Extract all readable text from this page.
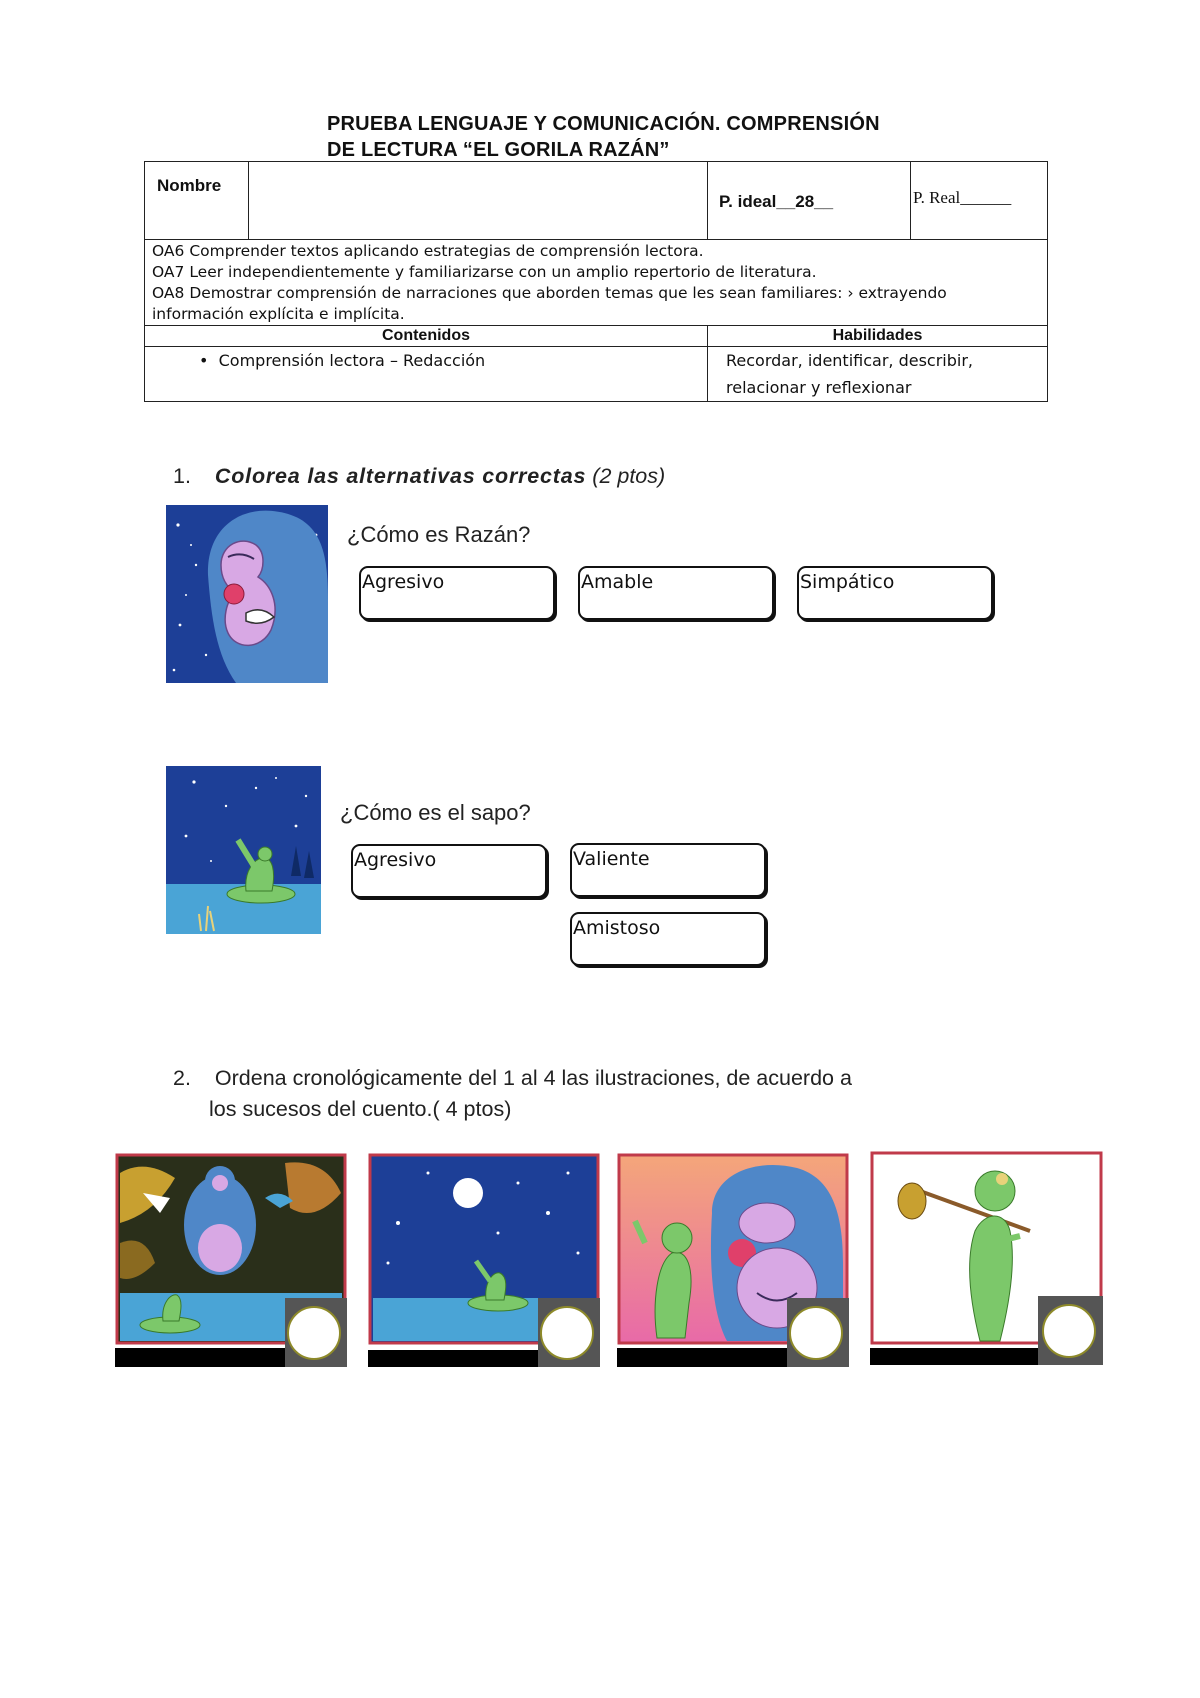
PRUEBA LENGUAJE Y COMUNICACIÓN. COMPRENSIÓN
DE LECTURA “EL GORILA RAZÁN”
Nombre		P. ideal__28__	P. Real______

OA6 Comprender textos aplicando estrategias de comprensión lectora.
OA7 Leer independientemente y familiarizarse con un amplio repertorio de literatura.
OA8 Demostrar comprensión de narraciones que aborden temas que les sean familiares: › extrayendo información explícita e implícita.			

Contenidos		Habilidades	

•  Comprensión lectora – Redacción		Recordar, identificar, describir, relacionar y reflexionar	
1. Colorea las alternativas correctas (2 ptos)
¿Cómo es Razán?
Agresivo	Amable	Simpático
¿Cómo es el sapo?
Agresivo	Valiente
Amistoso
2. Ordena cronológicamente del 1 al 4 las ilustraciones, de acuerdo a
los sucesos del cuento.( 4 ptos)
